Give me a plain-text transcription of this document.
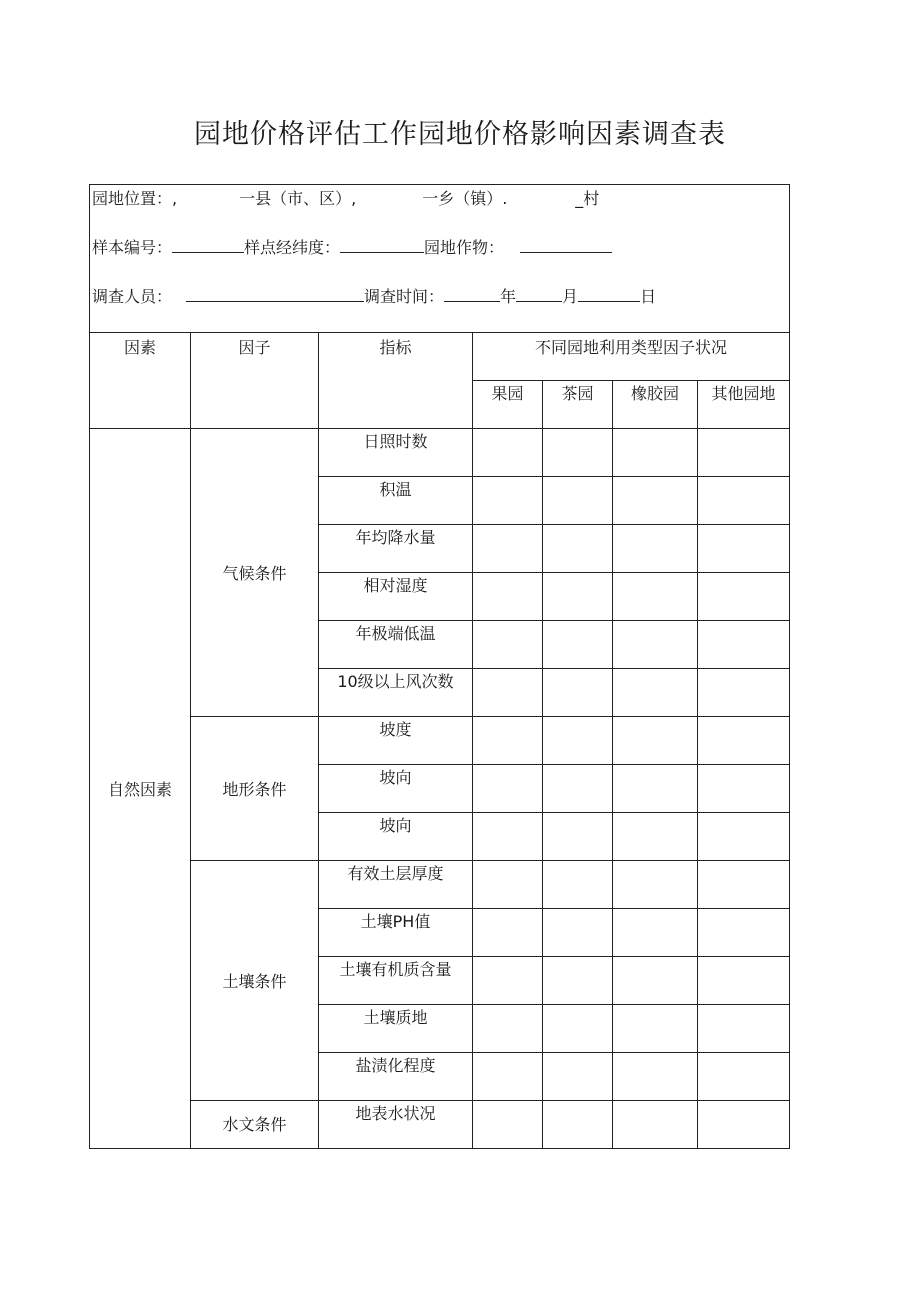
园地价格评估工作园地价格影响因素调查表
园地位置：, 一县（市、区）, 一乡（镇）. _村
样本编号： 样点经纬度： 园地作物：
调查人员： 调查时间： 年 月 日						

因素	因子	指标	不同园地利用类型因子状况			
			果园	茶园	橡胶园	其他园地
自然因素	气候条件	日照时数				
		积温				
		年均降水量				
		相对湿度				
		年极端低温				
		10级以上风次数				
	地形条件	坡度				
		坡向				
		坡向				
	土壤条件	有效土层厚度				
		土壤PH值				
		土壤有机质含量				
		土壤质地				
		盐渍化程度				
	水文条件	地表水状况				
